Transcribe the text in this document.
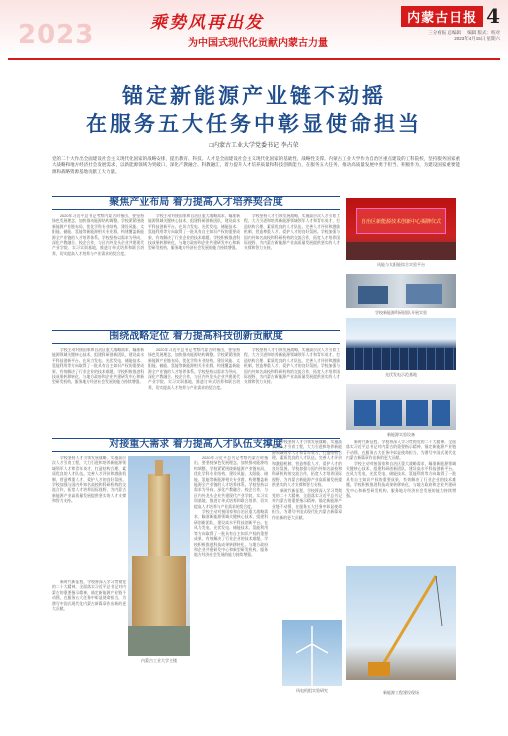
2023	乘势风再出发
为中国式现代化贡献内蒙古力量
内蒙古日报 4
三分看报 总编辑     编辑 版式：校对
2023年4月15日 星期六
锚定新能源产业链不动摇
在服务五大任务中彰显使命担当
□内蒙古工业大学党委书记 李占荣
党的二十大作出全面建设社会主义现代化国家的战略安排，提出教育、科技、人才是全面建设社会主义现代化国家的基础性、战略性支撑。内蒙古工业大学作为自治区重点建设的工科院校，坚持服务国家重大战略和地方经济社会发展需求，以新能源领域为突破口，深化产教融合、科教融汇，着力提升人才培养质量和科技创新能力，在服务五大任务、推动高质量发展中勇于担当、积极作为，为建设国家重要能源和战略资源基地贡献工大力量。
聚焦产业布局 着力提高人才培养契合度

2020年习近平总书记考察内蒙古时指出，要坚持绿色发展理念，加快推动能源结构调整。学校紧紧围绕新能源产业链布局，优化学科专业结构，建设风能、太阳能、储能、氢能等新能源相关专业群，构建覆盖新能源全产业链的人才培养体系。学校坚持以需求为导向，深化产教融合、校企合作，与区内外龙头企业共建现代产业学院、实习实训基地，推进订单式培养和联合培养，切实提高人才培养与产业需求的契合度。

学校主动对接国家和自治区重大战略需求，瞄准新能源领域关键核心技术，组建科研创新团队，建设高水平科技创新平台。在风力发电、光伏发电、储能技术、氢能利用等方向取得了一批具有自主知识产权的重要成果，有效解决了行业企业的技术难题。学校积极推进科技成果转移转化，与地方政府和企业共建研发中心和新型研发机构，服务地方经济社会发展的能力持续增强。

学校坚持人才引领发展战略，实施高层次人才引育工程，大力引进和培养新能源领域领军人才和青年英才，打造结构合理、素质优良的人才队伍。完善人才评价和激励机制，营造尊重人才、爱护人才的良好氛围。学校加强与国内外知名高校和科研机构的交流合作，拓宽人才培养国际视野，为内蒙古新能源产业高质量发展提供坚实的人才支撑和智力支持。

自治区新能源技术创新中心揭牌仪式
风能与太阳能综合实验平台
学校新能源科研团队开展实验
围绕战略定位 着力提高科技创新贡献度

学校主动对接国家和自治区重大战略需求，瞄准新能源领域关键核心技术，组建科研创新团队，建设高水平科技创新平台。在风力发电、光伏发电、储能技术、氢能利用等方向取得了一批具有自主知识产权的重要成果，有效解决了行业企业的技术难题。学校积极推进科技成果转移转化，与地方政府和企业共建研发中心和新型研发机构，服务地方经济社会发展的能力持续增强。

2020年习近平总书记考察内蒙古时指出，要坚持绿色发展理念，加快推动能源结构调整。学校紧紧围绕新能源产业链布局，优化学科专业结构，建设风能、太阳能、储能、氢能等新能源相关专业群，构建覆盖新能源全产业链的人才培养体系。学校坚持以需求为导向，深化产教融合、校企合作，与区内外龙头企业共建现代产业学院、实习实训基地，推进订单式培养和联合培养，切实提高人才培养与产业需求的契合度。

学校坚持人才引领发展战略，实施高层次人才引育工程，大力引进和培养新能源领域领军人才和青年英才，打造结构合理、素质优良的人才队伍。完善人才评价和激励机制，营造尊重人才、爱护人才的良好氛围。学校加强与国内外知名高校和科研机构的交流合作，拓宽人才培养国际视野，为内蒙古新能源产业高质量发展提供坚实的人才支撑和智力支持。

光伏发电示范基地
新能源实验设备
对接重大需求 着力提高人才队伍支撑度

学校坚持人才引领发展战略，实施高层次人才引育工程，大力引进和培养新能源领域领军人才和青年英才，打造结构合理、素质优良的人才队伍。完善人才评价和激励机制，营造尊重人才、爱护人才的良好氛围。学校加强与国内外知名高校和科研机构的交流合作，拓宽人才培养国际视野，为内蒙古新能源产业高质量发展提供坚实的人才支撑和智力支持。

2020年习近平总书记考察内蒙古时指出，要坚持绿色发展理念，加快推动能源结构调整。学校紧紧围绕新能源产业链布局，优化学科专业结构，建设风能、太阳能、储能、氢能等新能源相关专业群，构建覆盖新能源全产业链的人才培养体系。学校坚持以需求为导向，深化产教融合、校企合作，与区内外龙头企业共建现代产业学院、实习实训基地，推进订单式培养和联合培养，切实提高人才培养与产业需求的契合度。

学校主动对接国家和自治区重大战略需求，瞄准新能源领域关键核心技术，组建科研创新团队，建设高水平科技创新平台。在风力发电、光伏发电、储能技术、氢能利用等方向取得了一批具有自主知识产权的重要成果，有效解决了行业企业的技术难题。学校积极推进科技成果转移转化，与地方政府和企业共建研发中心和新型研发机构，服务地方经济社会发展的能力持续增强。

学校坚持人才引领发展战略，实施高层次人才引育工程，大力引进和培养新能源领域领军人才和青年英才，打造结构合理、素质优良的人才队伍。完善人才评价和激励机制，营造尊重人才、爱护人才的良好氛围。学校加强与国内外知名高校和科研机构的交流合作，拓宽人才培养国际视野，为内蒙古新能源产业高质量发展提供坚实的人才支撑和智力支持。

新时代新征程，学校将深入学习贯彻党的二十大精神，全面落实习近平总书记对内蒙古的重要指示精神，锚定新能源产业链不动摇，在服务五大任务中彰显使命担当，为谱写中国式现代化内蒙古新篇章作出新的更大贡献。

新时代新征程，学校将深入学习贯彻党的二十大精神，全面落实习近平总书记对内蒙古的重要指示精神，锚定新能源产业链不动摇，在服务五大任务中彰显使命担当，为谱写中国式现代化内蒙古新篇章作出新的更大贡献。

学校主动对接国家和自治区重大战略需求，瞄准新能源领域关键核心技术，组建科研创新团队，建设高水平科技创新平台。在风力发电、光伏发电、储能技术、氢能利用等方向取得了一批具有自主知识产权的重要成果，有效解决了行业企业的技术难题。学校积极推进科技成果转移转化，与地方政府和企业共建研发中心和新型研发机构，服务地方经济社会发展的能力持续增强。

新时代新征程，学校将深入学习贯彻党的二十大精神，全面落实习近平总书记对内蒙古的重要指示精神，锚定新能源产业链不动摇，在服务五大任务中彰显使命担当，为谱写中国式现代化内蒙古新篇章作出新的更大贡献。

风电机组实验研究	新能源工程建设现场
内蒙古工业大学主楼
